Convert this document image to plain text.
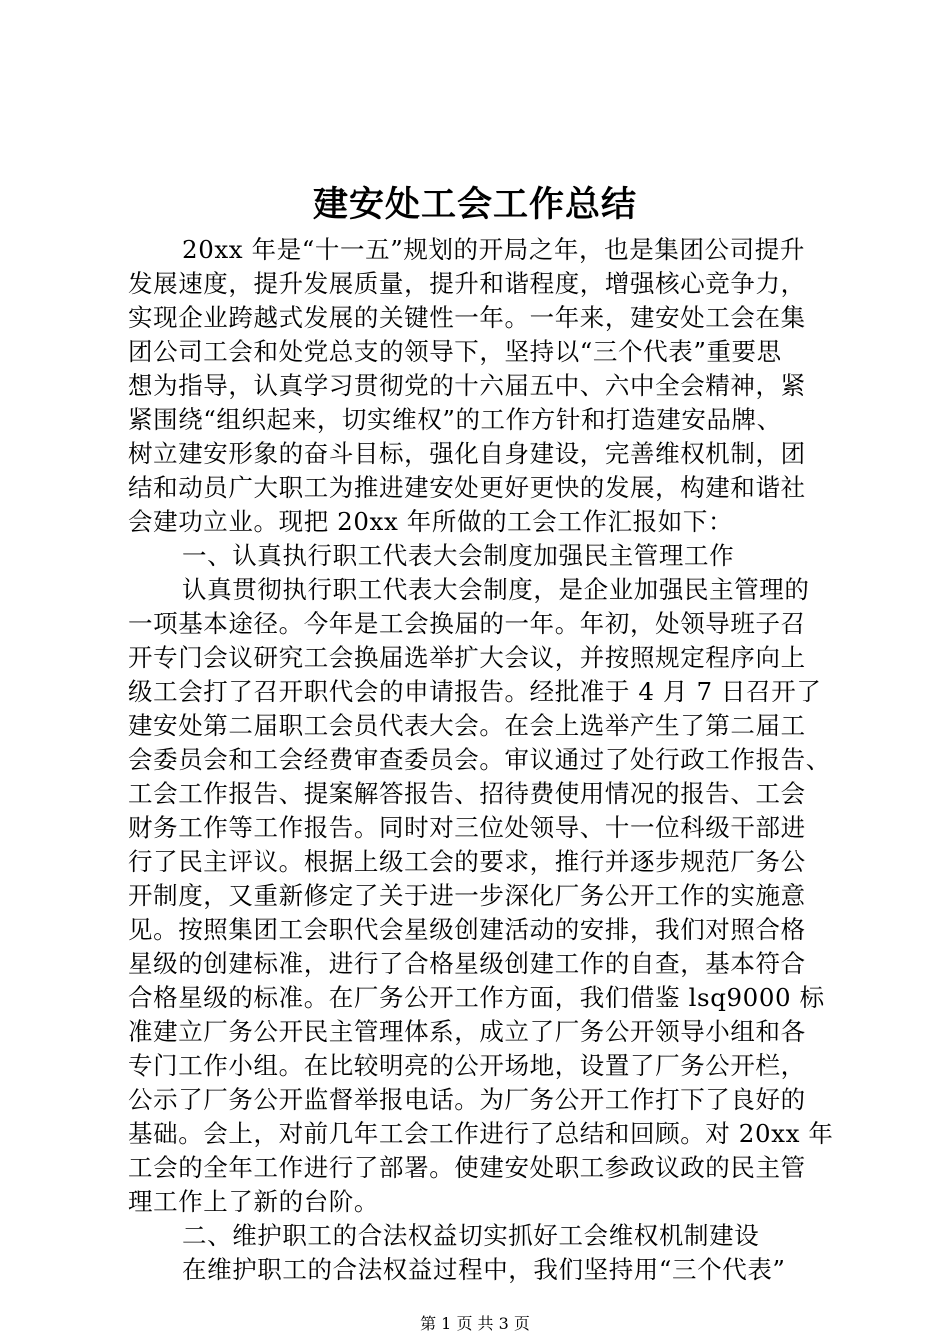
建安处工会工作总结
20xx 年是“十一五”规划的开局之年，也是集团公司提升
发展速度，提升发展质量，提升和谐程度，增强核心竞争力，
实现企业跨越式发展的关键性一年。一年来，建安处工会在集
团公司工会和处党总支的领导下，坚持以“三个代表”重要思
想为指导，认真学习贯彻党的十六届五中、六中全会精神，紧
紧围绕“组织起来，切实维权”的工作方针和打造建安品牌、
树立建安形象的奋斗目标，强化自身建设，完善维权机制，团
结和动员广大职工为推进建安处更好更快的发展，构建和谐社
会建功立业。现把 20xx 年所做的工会工作汇报如下：
一、认真执行职工代表大会制度加强民主管理工作
认真贯彻执行职工代表大会制度，是企业加强民主管理的
一项基本途径。今年是工会换届的一年。年初，处领导班子召
开专门会议研究工会换届选举扩大会议，并按照规定程序向上
级工会打了召开职代会的申请报告。经批准于 4 月 7 日召开了
建安处第二届职工会员代表大会。在会上选举产生了第二届工
会委员会和工会经费审查委员会。审议通过了处行政工作报告、
工会工作报告、提案解答报告、招待费使用情况的报告、工会
财务工作等工作报告。同时对三位处领导、十一位科级干部进
行了民主评议。根据上级工会的要求，推行并逐步规范厂务公
开制度，又重新修定了关于进一步深化厂务公开工作的实施意
见。按照集团工会职代会星级创建活动的安排，我们对照合格
星级的创建标准，进行了合格星级创建工作的自查，基本符合
合格星级的标准。在厂务公开工作方面，我们借鉴 lsq9000 标
准建立厂务公开民主管理体系，成立了厂务公开领导小组和各
专门工作小组。在比较明亮的公开场地，设置了厂务公开栏，
公示了厂务公开监督举报电话。为厂务公开工作打下了良好的
基础。会上，对前几年工会工作进行了总结和回顾。对 20xx 年
工会的全年工作进行了部署。使建安处职工参政议政的民主管
理工作上了新的台阶。
二、维护职工的合法权益切实抓好工会维权机制建设
在维护职工的合法权益过程中，我们坚持用“三个代表”
第 1 页 共 3 页
